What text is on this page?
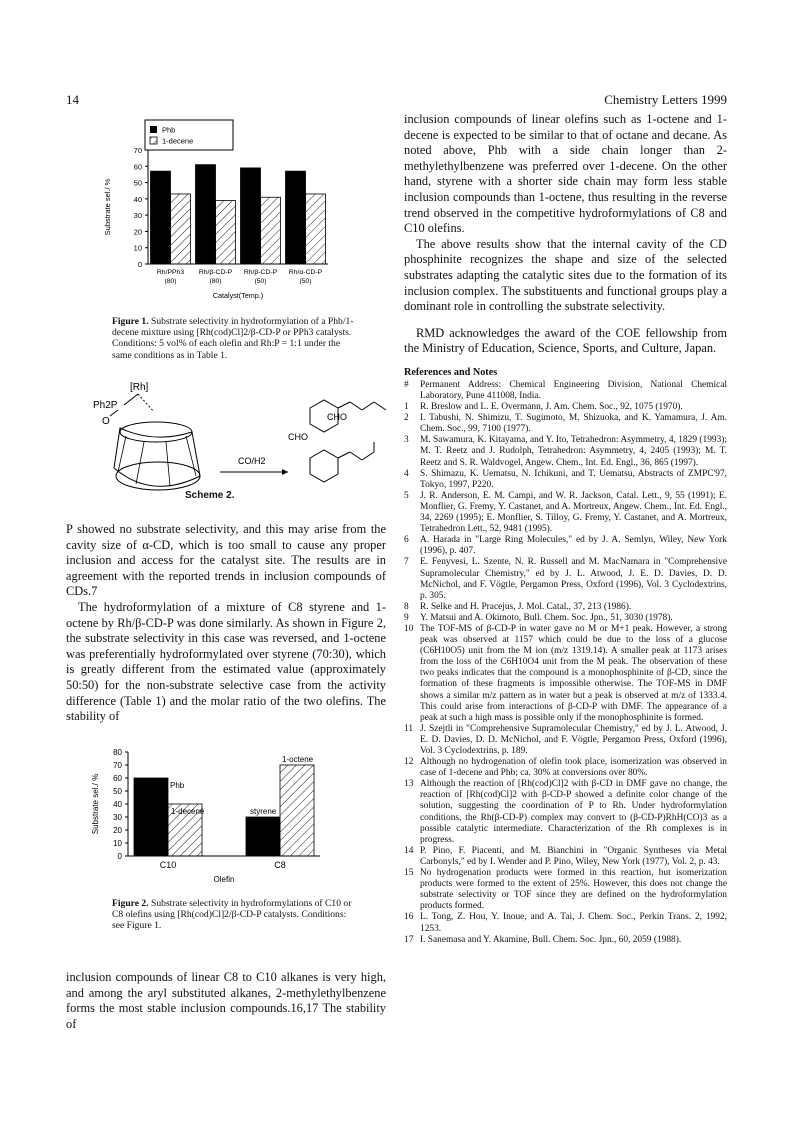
14	Chemistry Letters 1999
Phb
1-decene
0
10
20
30
40
50
60
70
Substrate sel./ %
Rh/PPh3
(80)
Rh/β-CD-P
(80)
Rh/β-CD-P
(50)
Rh/α-CD-P
(50)
Catalyst(Temp.)

Figure 1. Substrate selectivity in hydroformylation of a Phb/1-decene mixture using [Rh(cod)Cl]2/β-CD-P or PPh3 catalysts. Conditions: 5 vol% of each olefin and Rh:P = 1:1 under the same conditions as in Table 1.

[Rh]
Ph2P
O
CO/H2
CHO
CHO
Scheme 2.

P showed no substrate selectivity, and this may arise from the cavity size of α-CD, which is too small to cause any proper inclusion and access for the catalyst site. The results are in agreement with the reported trends in inclusion compounds of CDs.7

The hydroformylation of a mixture of C8 styrene and 1-octene by Rh/β-CD-P was done similarly. As shown in Figure 2, the substrate selectivity in this case was reversed, and 1-octene was preferentially hydroformylated over styrene (70:30), which is greatly different from the estimated value (approximately 50:50) for the non-substrate selective case from the activity difference (Table 1) and the molar ratio of the two olefins. The stability of

0
10
20
30
40
50
60
70
80
Substrate sel./ %	Phb
1-decene	styrene
1-octene
C10	C8
Olefin

Figure 2. Substrate selectivity in hydroformylations of C10 or C8 olefins using [Rh(cod)Cl]2/β-CD-P catalysts. Conditions: see Figure 1.

inclusion compounds of linear C8 to C10 alkanes is very high, and among the aryl substituted alkanes, 2-methylethylbenzene forms the most stable inclusion compounds.16,17 The stability of

inclusion compounds of linear olefins such as 1-octene and 1-decene is expected to be similar to that of octane and decane. As noted above, Phb with a side chain longer than 2-methylethylbenzene was preferred over 1-decene. On the other hand, styrene with a shorter side chain may form less stable inclusion compounds than 1-octene, thus resulting in the reverse trend observed in the competitive hydroformylations of C8 and C10 olefins.

The above results show that the internal cavity of the CD phosphinite recognizes the shape and size of the selected substrates adapting the catalytic sites due to the formation of its inclusion complex. The substituents and functional groups play a dominant role in controlling the substrate selectivity.

RMD acknowledges the award of the COE fellowship from the Ministry of Education, Science, Sports, and Culture, Japan.

References and Notes

#	Permanent Address: Chemical Engineering Division, National Chemical Laboratory, Pune 411008, India.
1	R. Breslow and L. E. Overmann, J. Am. Chem. Soc., 92, 1075 (1970).
2	I. Tabushi, N. Shimizu, T. Sugimoto, M. Shizuoka, and K. Yamamura, J. Am. Chem. Soc., 99, 7100 (1977).
3	M. Sawamura, K. Kitayama, and Y. Ito, Tetrahedron: Asymmetry, 4, 1829 (1993); M. T. Reetz and J. Rudolph, Tetrahedron: Asymmetry, 4, 2405 (1993); M. T. Reetz and S. R. Waldvogel, Angew. Chem., Int. Ed. Engl., 36, 865 (1997).
4	S. Shimazu, K. Uematsu, N. Ichikuni, and T. Uematsu, Abstracts of ZMPC'97, Tokyo, 1997, P220.
5	J. R. Anderson, E. M. Campi, and W. R. Jackson, Catal. Lett., 9, 55 (1991); E. Monflier, G. Fremy, Y. Castanet, and A. Mortreux, Angew. Chem., Int. Ed. Engl., 34, 2269 (1995); E. Monflier, S. Tilloy, G. Fremy, Y. Castanet, and A. Mortreux, Tetrahedron Lett., 52, 9481 (1995).
6	A. Harada in "Large Ring Molecules," ed by J. A. Semlyn, Wiley, New York (1996), p. 407.
7	E. Fenyvesi, L. Szente, N. R. Russell and M. MacNamara in "Comprehensive Supramolecular Chemistry," ed by J. L. Atwood, J. E. D. Davies, D. D. McNichol, and F. Vögtle, Pergamon Press, Oxford (1996), Vol. 3 Cyclodextrins, p. 305.
8	R. Selke and H. Pracejus, J. Mol. Catal., 37, 213 (1986).
9	Y. Matsui and A. Okimoto, Bull. Chem. Soc. Jpn., 51, 3030 (1978).
10 The TOF-MS of β-CD-P in water gave no M or M+1 peak. However, a strong peak was observed at 1157 which could be due to the loss of a glucose (C6H10O5) unit from the M ion (m/z 1319.14). A smaller peak at 1173 arises from the loss of the C6H10O4 unit from the M peak. The observation of these two peaks indicates that the compound is a monophosphinite of β-CD, since the formation of these fragments is impossible otherwise. The TOF-MS in DMF shows a similar m/z pattern as in water but a peak is observed at m/z of 1333.4. This could arise from interactions of β-CD-P with DMF. The appearance of a peak at such a high mass is possible only if the monophosphinite is formed.
11 J. Szejtli in "Comprehensive Supramolecular Chemistry," ed by J. L. Atwood, J. E. D. Davies, D. D. McNichol, and F. Vögtle, Pergamon Press, Oxford (1996), Vol. 3 Cyclodextrins, p. 189.
12 Although no hydrogenation of olefin took place, isomerization was observed in case of 1-decene and Phb; ca. 30% at conversions over 80%.
13 Although the reaction of [Rh(cod)Cl]2 with β-CD in DMF gave no change, the reaction of [Rh(cod)Cl]2 with β-CD-P showed a definite color change of the solution, suggesting the coordination of P to Rh. Under hydroformylation conditions, the Rh(β-CD-P) complex may convert to (β-CD-P)RhH(CO)3 as a possible catalytic intermediate. Characterization of the Rh complexes is in progress.
14 P. Pino, F. Piacenti, and M. Bianchini in "Organic Syntheses via Metal Carbonyls," ed by I. Wender and P. Pino, Wiley, New York (1977), Vol. 2, p. 43.
15 No hydrogenation products were formed in this reaction, but isomerization products were formed to the extent of 25%. However, this does not change the substrate selectivity or TOF since they are defined on the hydroformylation products formed.
16 L. Tong, Z. Hou, Y. Inoue, and A. Tai, J. Chem. Soc., Perkin Trans. 2, 1992, 1253.
17 I. Sanemasa and Y. Akamine, Bull. Chem. Soc. Jpn., 60, 2059 (1988).
